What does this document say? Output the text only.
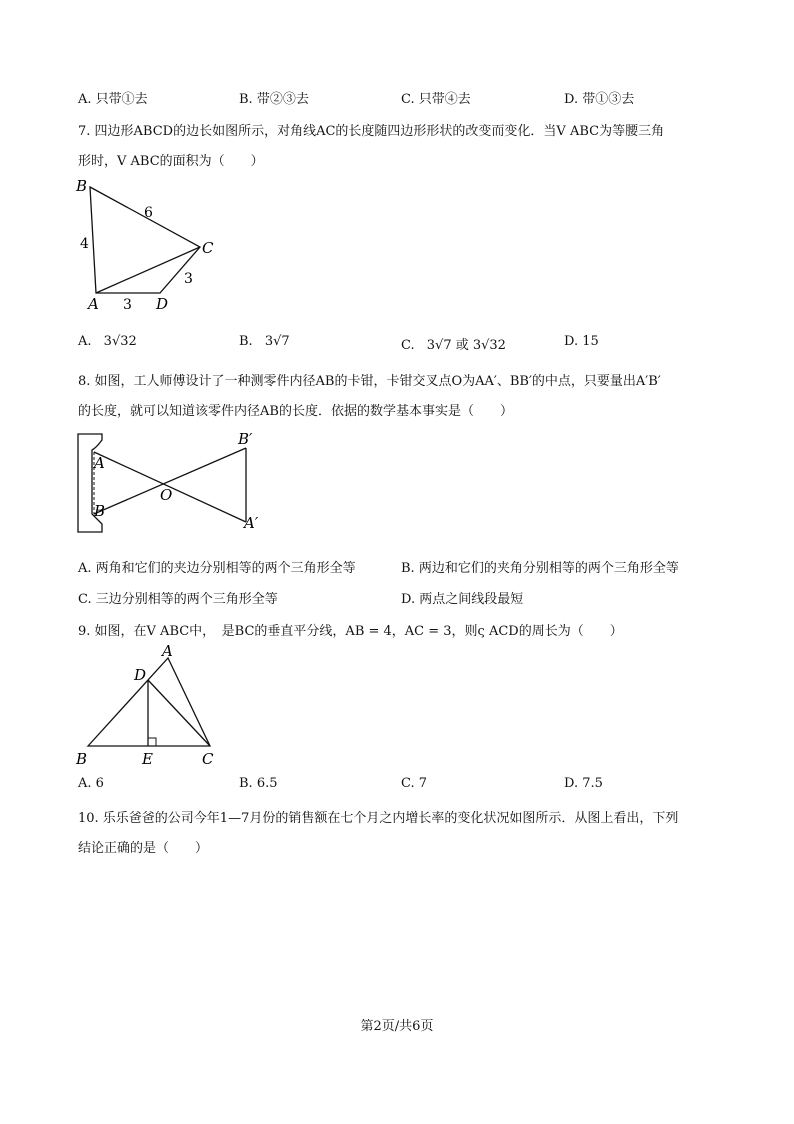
A. 只带①去	B. 带②③去	C. 只带④去	D. 带①③去
7. 四边形ABCD的边长如图所示，对角线AC的长度随四边形形状的改变而变化．当V ABC为等腰三角
形时，V ABC的面积为（　　）
B
C
A	D
6
4
3
3
A. 3√32	B. 3√7	C. 3√7 或 3√32	D. 15
8. 如图，工人师傅设计了一种测零件内径AB的卡钳，卡钳交叉点O为AA′、BB′的中点，只要量出A′B′
的长度，就可以知道该零件内径AB的长度．依据的数学基本事实是（　　）
B′
A
O
B
A′
A. 两角和它们的夹边分别相等的两个三角形全等	B. 两边和它们的夹角分别相等的两个三角形全等
C. 三边分别相等的两个三角形全等	D. 两点之间线段最短
9. 如图，在V ABC中，　是BC的垂直平分线，AB = 4，AC = 3，则ς ACD的周长为（　　）
A
D
B	E	C
A. 6	B. 6.5	C. 7	D. 7.5
10. 乐乐爸爸的公司今年1—7月份的销售额在七个月之内增长率的变化状况如图所示．从图上看出，下列
结论正确的是（　　）
第2页/共6页
